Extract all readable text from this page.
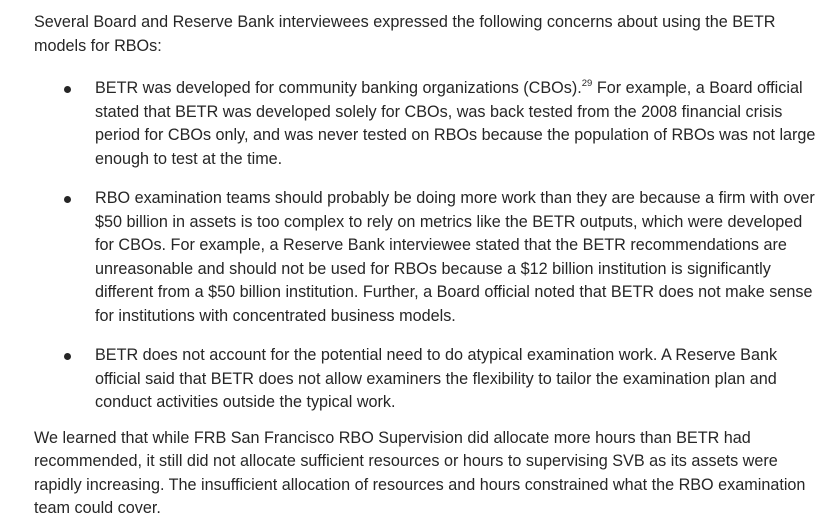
Several Board and Reserve Bank interviewees expressed the following concerns about using the BETR models for RBOs:

BETR was developed for community banking organizations (CBOs).$^{29}$ For example, a Board official stated that BETR was developed solely for CBOs, was back tested from the 2008 financial crisis period for CBOs only, and was never tested on RBOs because the population of RBOs was not large enough to test at the time.
RBO examination teams should probably be doing more work than they are because a firm with over $50 billion in assets is too complex to rely on metrics like the BETR outputs, which were developed for CBOs. For example, a Reserve Bank interviewee stated that the BETR recommendations are unreasonable and should not be used for RBOs because a $12 billion institution is significantly different from a $50 billion institution. Further, a Board official noted that BETR does not make sense for institutions with concentrated business models.
BETR does not account for the potential need to do atypical examination work. A Reserve Bank official said that BETR does not allow examiners the flexibility to tailor the examination plan and conduct activities outside the typical work.

We learned that while FRB San Francisco RBO Supervision did allocate more hours than BETR had recommended, it still did not allocate sufficient resources or hours to supervising SVB as its assets were rapidly increasing. The insufficient allocation of resources and hours constrained what the RBO examination team could cover.
